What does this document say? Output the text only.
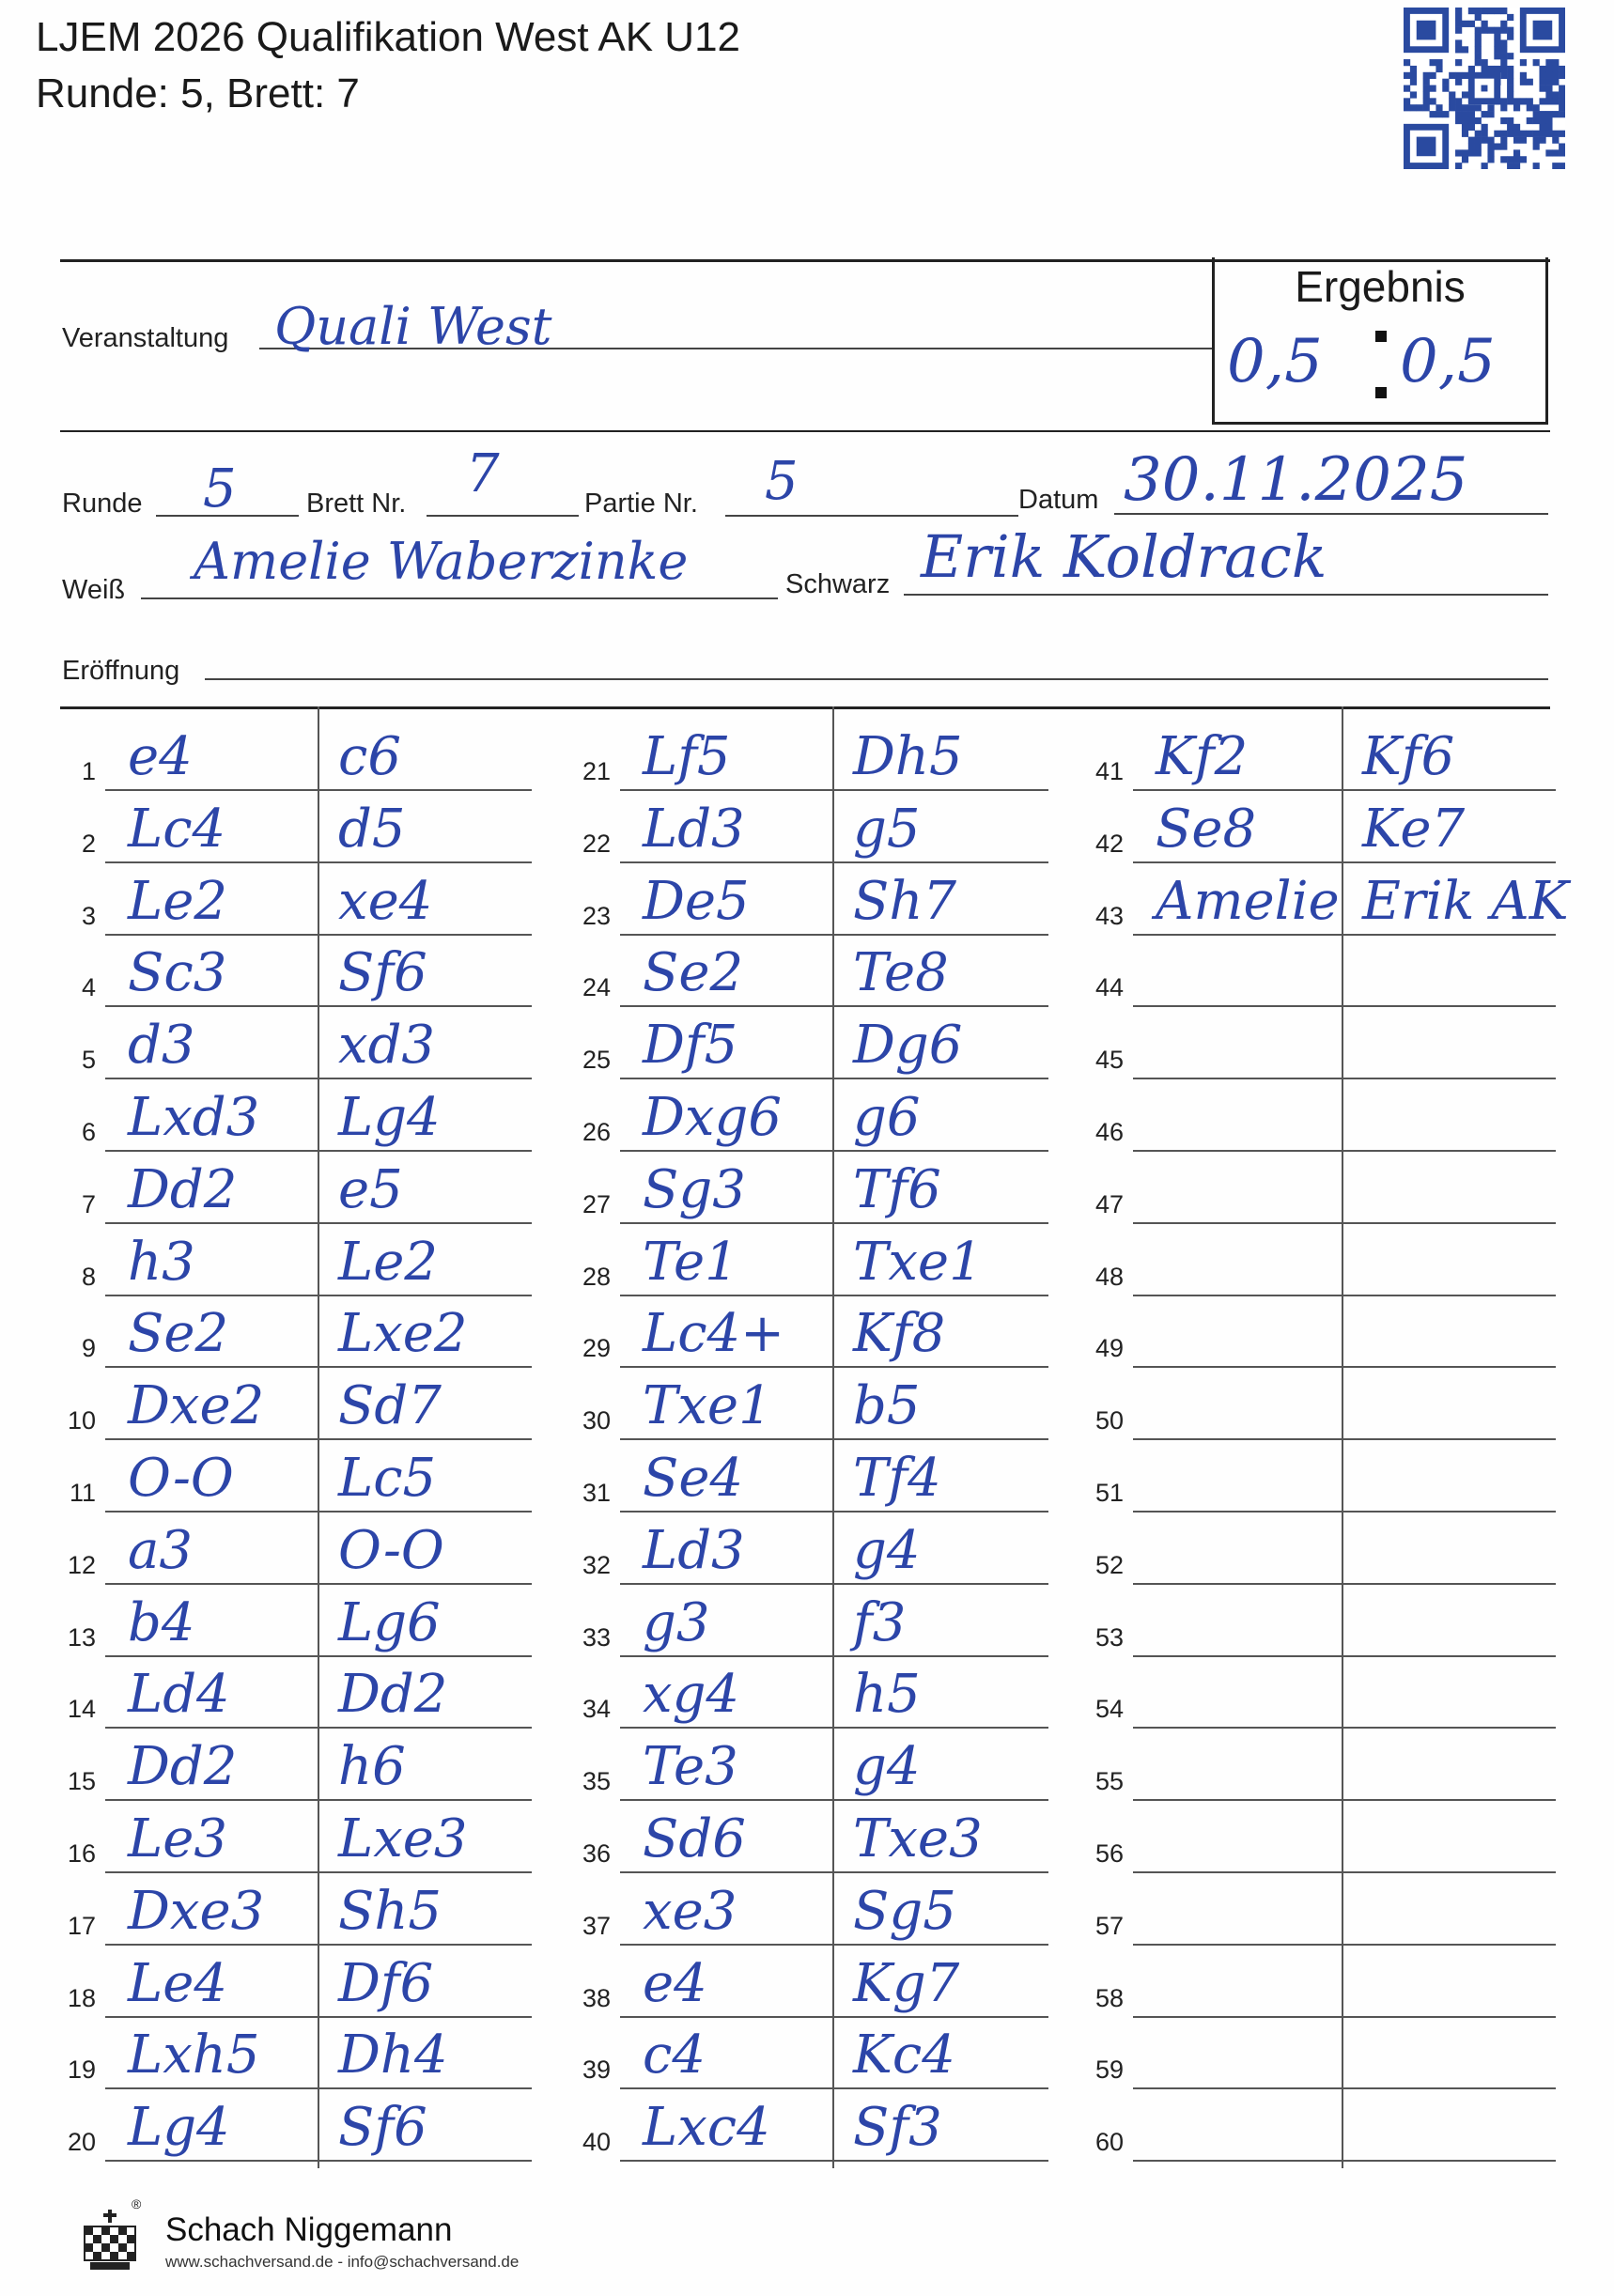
LJEM 2026 Qualifikation West AK U12
Runde: 5, Brett: 7
Ergebnis
0,5 0,5
Veranstaltung Quali West
Runde 5	Brett Nr. 7	Partie Nr. 5	Datum 30.11.2025
Weiß Amelie Waberzinke	Schwarz Erik Koldrack
Eröffnung
1 e4	c6
2 Lc4 d5
3 Le2 xe4
4 Sc3 Sf6
5 d3	xd3
6 Lxd3 Lg4
7 Dd2 e5
8 h3	Le2
9 Se2 Lxe2
10 Dxe2 Sd7
11 O-O Lc5
12 a3	O-O
13 b4	Lg6
14 Ld4 Dd2
15 Dd2 h6
16 Le3 Lxe3
17 Dxe3 Sh5
18 Le4 Df6
19 Lxh5 Dh4
20 Lg4 Sf6
21 Lf5 Dh5
22 Ld3 g5
23 De5 Sh7
24 Se2 Te8
25 Df5 Dg6
26 Dxg6 g6
27 Sg3 Tf6
28 Te1 Txe1
29 Lc4+ Kf8
30 Txe1 b5
31 Se4 Tf4
32 Ld3 g4
33 g3	f3
34 xg4 h5
35 Te3 g4
36 Sd6 Txe3
37 xe3 Sg5
38 e4	Kg7
39 c4	Kc4
40 Lxc4 Sf3
41 Kf2 Kf6
42 Se8 Ke7
43 Amelie Erik AK
44
45
46
47
48
49
50
51
52
53
54
55
56
57
58
59
60
®
Schach Niggemann
www.schachversand.de - info@schachversand.de
